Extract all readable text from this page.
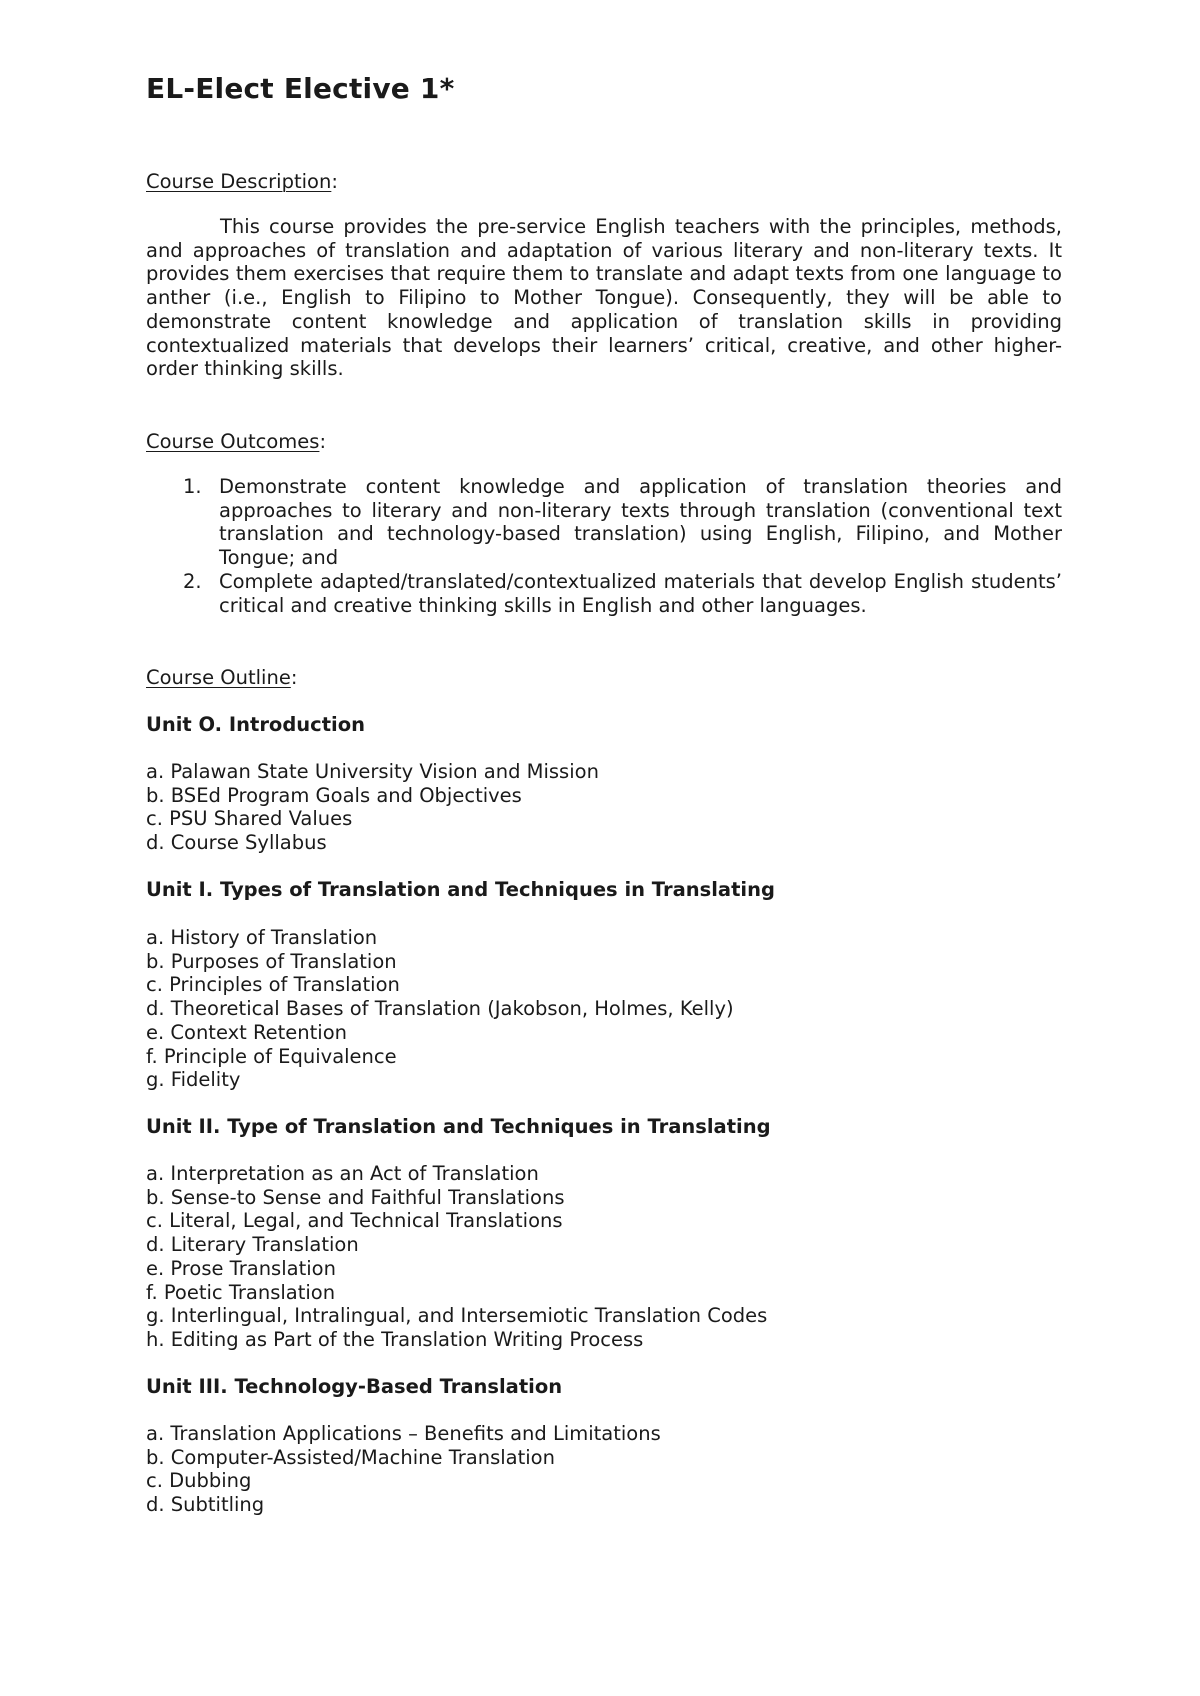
EL-Elect Elective 1*

Course Description:

This course provides the pre-service English teachers with the principles, methods, and approaches of translation and adaptation of various literary and non-literary texts. It provides them exercises that require them to translate and adapt texts from one language to anther (i.e., English to Filipino to Mother Tongue). Consequently, they will be able to demonstrate content knowledge and application of translation skills in providing contextualized materials that develops their learners’ critical, creative, and other higher-order thinking skills.

Course Outcomes:

1. Demonstrate content knowledge and application of translation theories and approaches to literary and non-literary texts through translation (conventional text translation and technology-based translation) using English, Filipino, and Mother Tongue; and
2. Complete adapted/translated/contextualized materials that develop English students’ critical and creative thinking skills in English and other languages.

Course Outline:

Unit O. Introduction
a. Palawan State University Vision and Mission
b. BSEd Program Goals and Objectives
c. PSU Shared Values
d. Course Syllabus
Unit I. Types of Translation and Techniques in Translating
a. History of Translation
b. Purposes of Translation
c. Principles of Translation
d. Theoretical Bases of Translation (Jakobson, Holmes, Kelly)
e. Context Retention
f. Principle of Equivalence
g. Fidelity
Unit II. Type of Translation and Techniques in Translating
a. Interpretation as an Act of Translation
b. Sense-to Sense and Faithful Translations
c. Literal, Legal, and Technical Translations
d. Literary Translation
e. Prose Translation
f. Poetic Translation
g. Interlingual, Intralingual, and Intersemiotic Translation Codes
h. Editing as Part of the Translation Writing Process
Unit III. Technology-Based Translation
a. Translation Applications – Benefits and Limitations
b. Computer-Assisted/Machine Translation
c. Dubbing
d. Subtitling
